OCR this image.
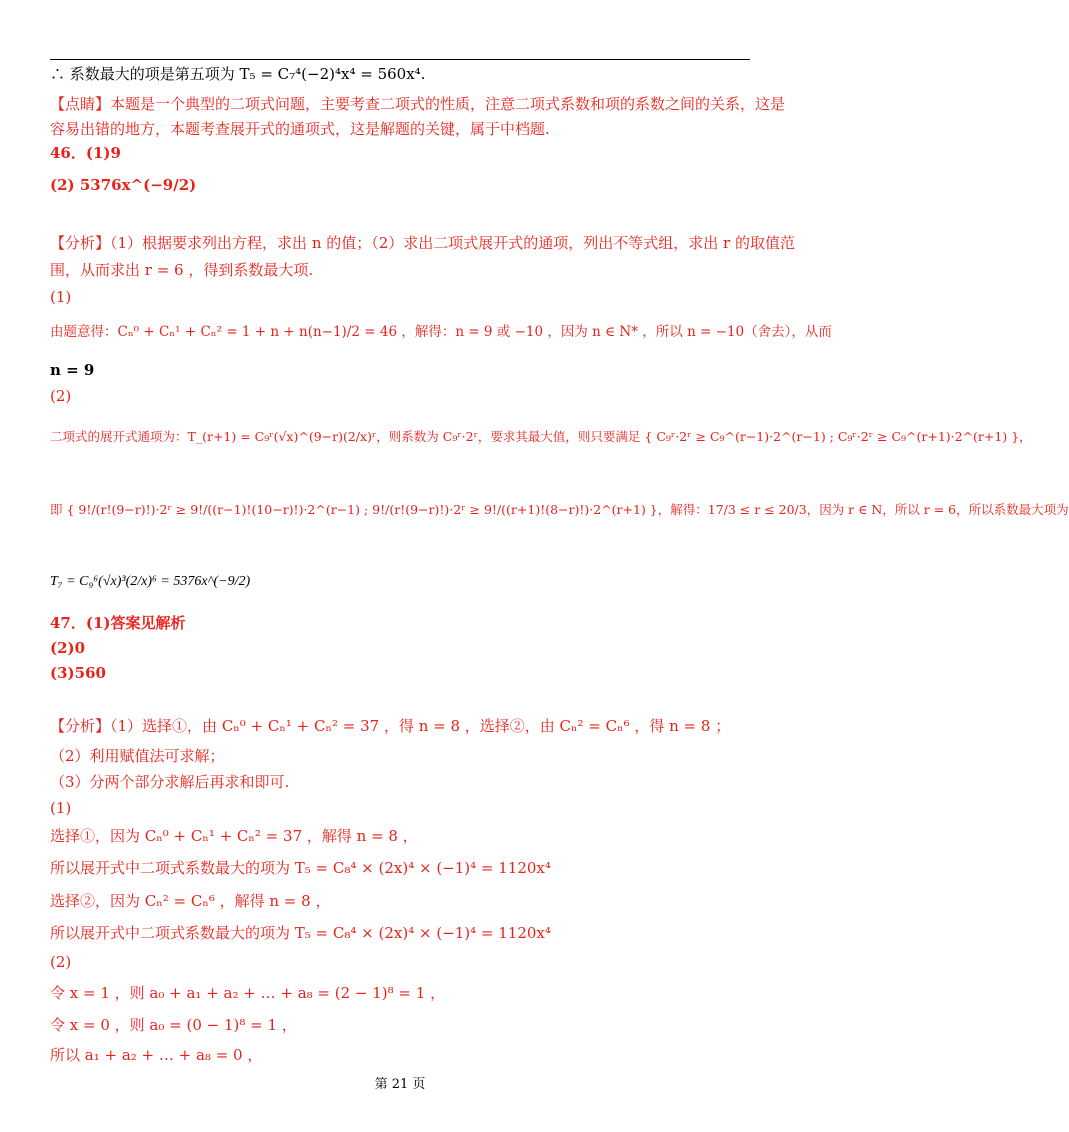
∴ 系数最大的项是第五项为 T₅ = C₇⁴(−2)⁴x⁴ = 560x⁴.
【点睛】本题是一个典型的二项式问题，主要考查二项式的性质，注意二项式系数和项的系数之间的关系，这是
容易出错的地方，本题考查展开式的通项式，这是解题的关键，属于中档题.
46．(1)9
(2) 5376x^(−9/2)
【分析】（1）根据要求列出方程，求出 n 的值；（2）求出二项式展开式的通项，列出不等式组，求出 r 的取值范
围，从而求出 r = 6 ，得到系数最大项.
(1)
由题意得：Cₙ⁰ + Cₙ¹ + Cₙ² = 1 + n + n(n−1)/2 = 46 ，解得：n = 9 或 −10 ，因为 n ∈ N* ，所以 n = −10（舍去），从而
n = 9
(2)
二项式的展开式通项为：T_(r+1) = C₉ʳ(√x)^(9−r)(2/x)ʳ，则系数为 C₉ʳ·2ʳ，要求其最大值，则只要满足 { C₉ʳ·2ʳ ≥ C₉^(r−1)·2^(r−1) ; C₉ʳ·2ʳ ≥ C₉^(r+1)·2^(r+1) }，
即 { 9!/(r!(9−r)!)·2ʳ ≥ 9!/((r−1)!(10−r)!)·2^(r−1) ; 9!/(r!(9−r)!)·2ʳ ≥ 9!/((r+1)!(8−r)!)·2^(r+1) }，解得：17/3 ≤ r ≤ 20/3，因为 r ∈ N，所以 r = 6，所以系数最大项为
T₇ = C₉⁶(√x)³(2/x)⁶ = 5376x^(−9/2)
47．(1)答案见解析
(2)0
(3)560
【分析】（1）选择①，由 Cₙ⁰ + Cₙ¹ + Cₙ² = 37 ，得 n = 8 ，选择②，由 Cₙ² = Cₙ⁶ ，得 n = 8 ；
（2）利用赋值法可求解；
（3）分两个部分求解后再求和即可.
(1)
选择①，因为 Cₙ⁰ + Cₙ¹ + Cₙ² = 37 ，解得 n = 8 ，
所以展开式中二项式系数最大的项为 T₅ = C₈⁴ × (2x)⁴ × (−1)⁴ = 1120x⁴
选择②，因为 Cₙ² = Cₙ⁶ ，解得 n = 8 ，
所以展开式中二项式系数最大的项为 T₅ = C₈⁴ × (2x)⁴ × (−1)⁴ = 1120x⁴
(2)
令 x = 1 ，则 a₀ + a₁ + a₂ + … + a₈ = (2 − 1)⁸ = 1 ，
令 x = 0 ，则 a₀ = (0 − 1)⁸ = 1 ，
所以 a₁ + a₂ + … + a₈ = 0 ，
第 21 页
